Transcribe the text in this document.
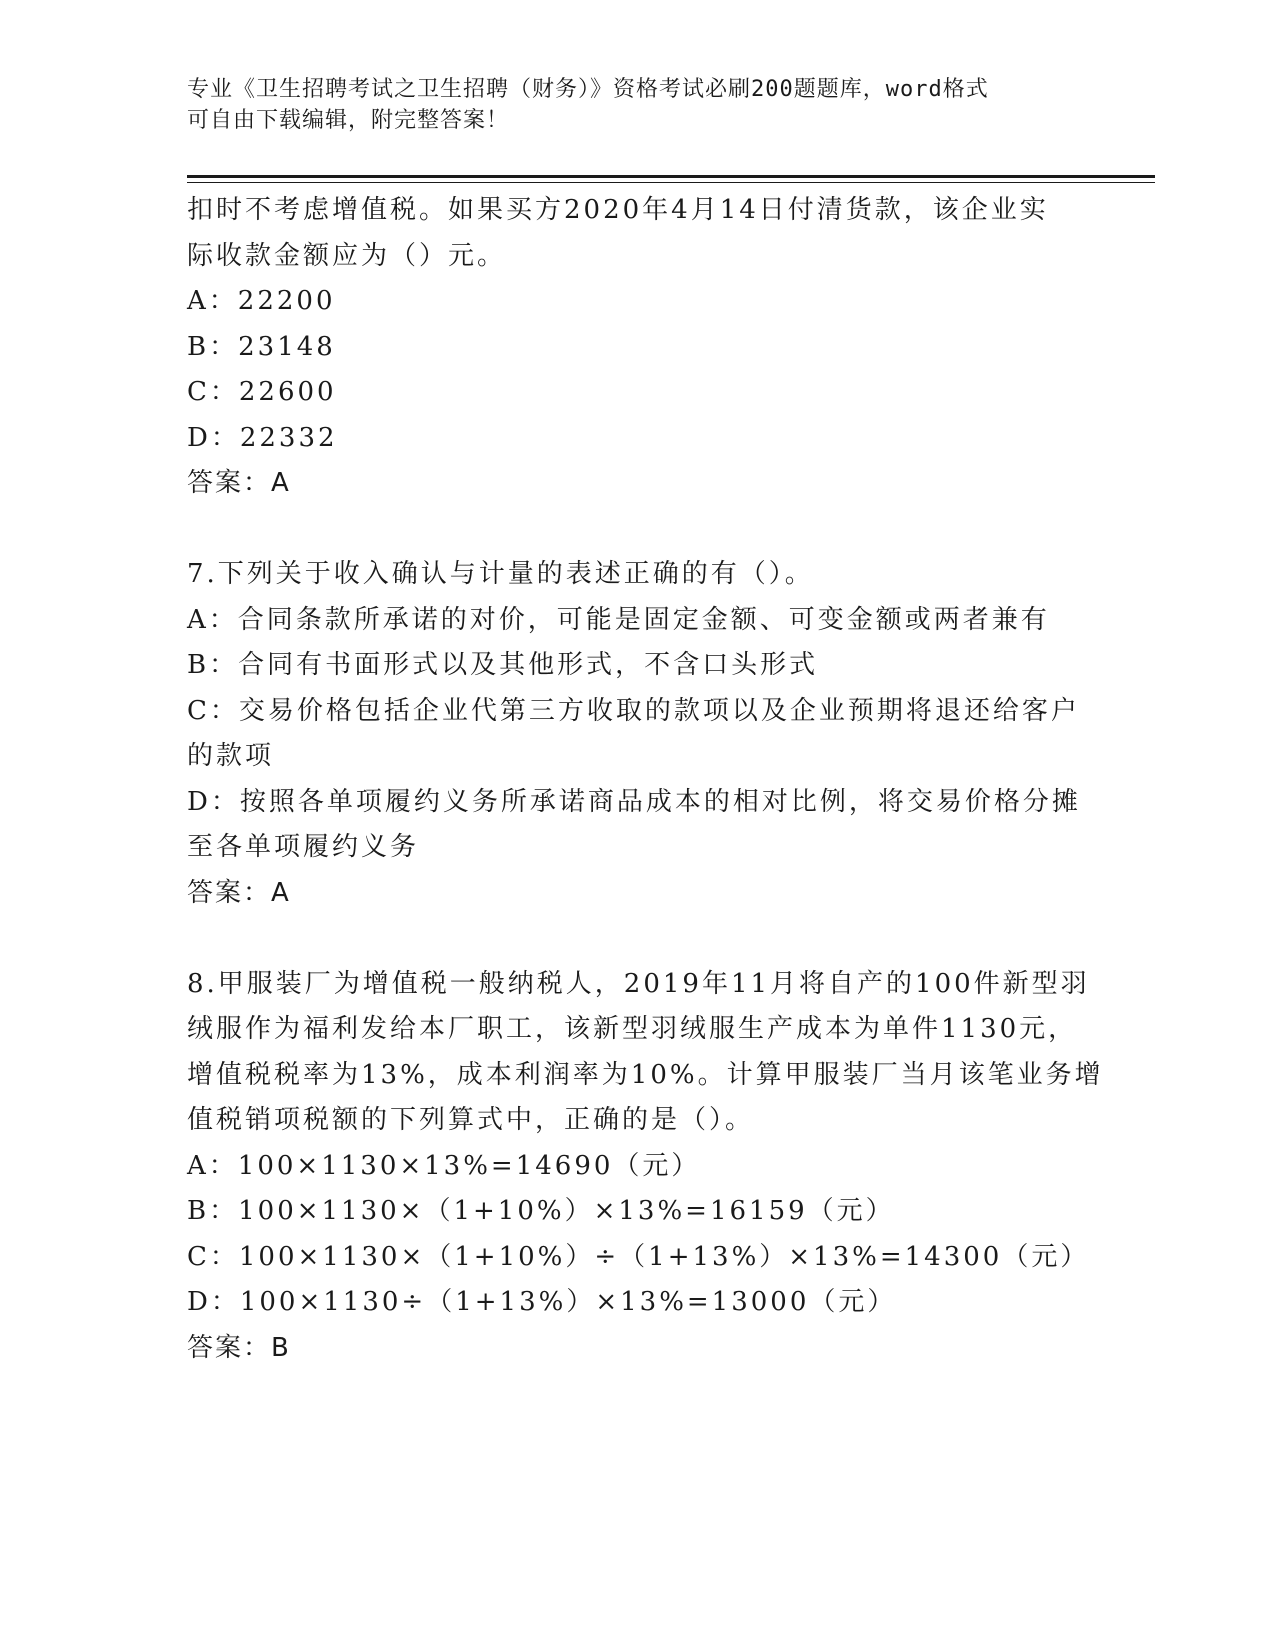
专业《卫生招聘考试之卫生招聘（财务）》资格考试必刷200题题库，word格式
可自由下载编辑，附完整答案！
扣时不考虑增值税。如果买方2020年4月14日付清货款，该企业实
际收款金额应为（）元。
A：22200
B：23148
C：22600
D：22332
答案：A
7.下列关于收入确认与计量的表述正确的有（）。
A：合同条款所承诺的对价，可能是固定金额、可变金额或两者兼有
B：合同有书面形式以及其他形式，不含口头形式
C：交易价格包括企业代第三方收取的款项以及企业预期将退还给客户
的款项
D：按照各单项履约义务所承诺商品成本的相对比例，将交易价格分摊
至各单项履约义务
答案：A
8.甲服装厂为增值税一般纳税人，2019年11月将自产的100件新型羽
绒服作为福利发给本厂职工，该新型羽绒服生产成本为单件1130元，
增值税税率为13%，成本利润率为10%。计算甲服装厂当月该笔业务增
值税销项税额的下列算式中，正确的是（）。
A：100×1130×13%=14690（元）
B：100×1130×（1+10%）×13%=16159（元）
C：100×1130×（1+10%）÷（1+13%）×13%=14300（元）
D：100×1130÷（1+13%）×13%=13000（元）
答案：B
